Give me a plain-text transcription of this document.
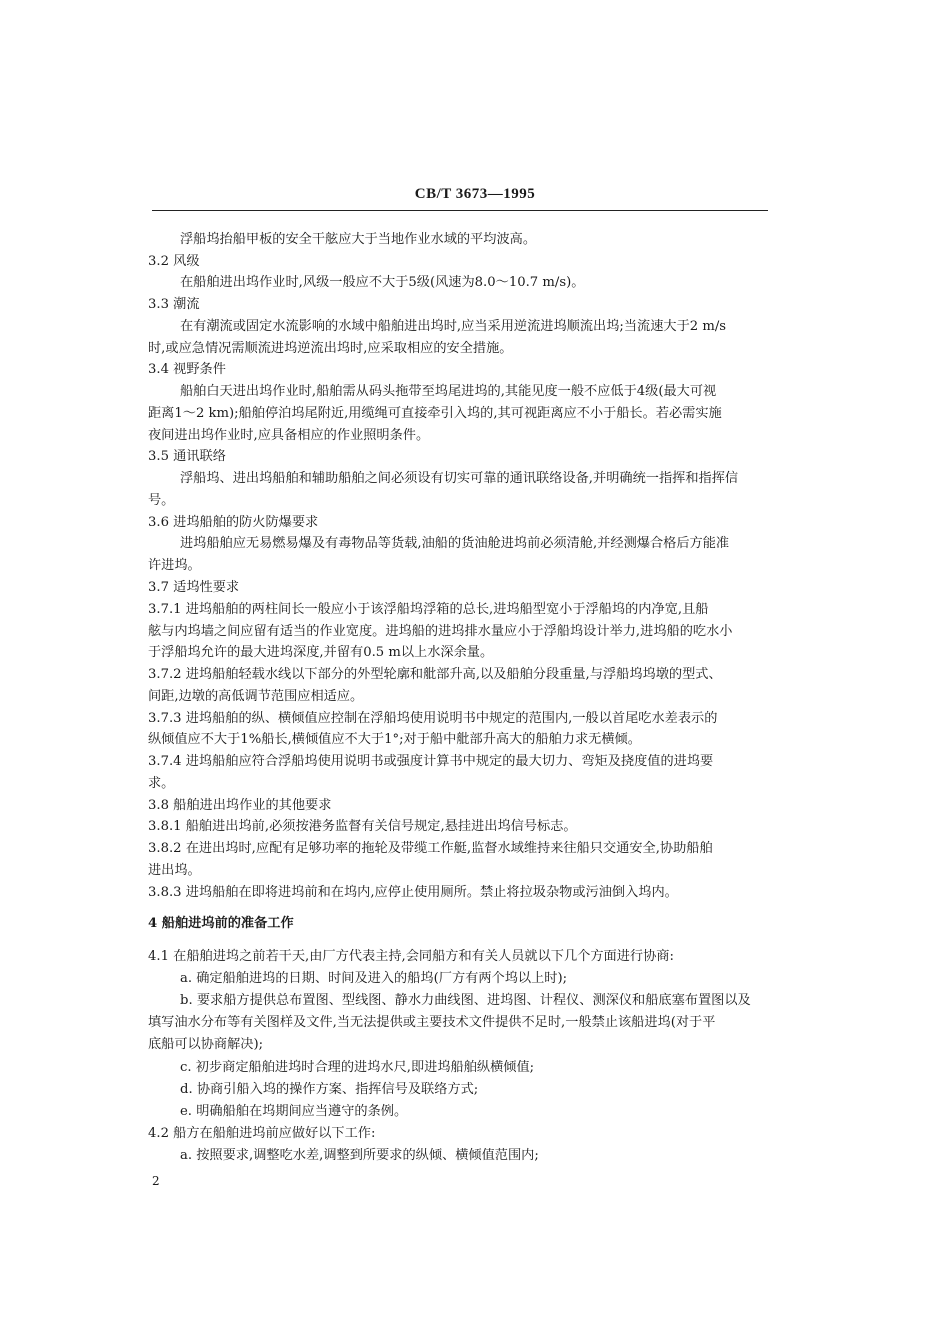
CB/T 3673—1995
浮船坞抬船甲板的安全干舷应大于当地作业水域的平均波高。
3.2 风级
在船舶进出坞作业时,风级一般应不大于5级(风速为8.0～10.7 m/s)。
3.3 潮流
在有潮流或固定水流影响的水域中船舶进出坞时,应当采用逆流进坞顺流出坞;当流速大于2 m/s
时,或应急情况需顺流进坞逆流出坞时,应采取相应的安全措施。
3.4 视野条件
船舶白天进出坞作业时,船舶需从码头拖带至坞尾进坞的,其能见度一般不应低于4级(最大可视
距离1～2 km);船舶停泊坞尾附近,用缆绳可直接牵引入坞的,其可视距离应不小于船长。若必需实施
夜间进出坞作业时,应具备相应的作业照明条件。
3.5 通讯联络
浮船坞、进出坞船舶和辅助船舶之间必须设有切实可靠的通讯联络设备,并明确统一指挥和指挥信
号。
3.6 进坞船舶的防火防爆要求
进坞船舶应无易燃易爆及有毒物品等货载,油船的货油舱进坞前必须清舱,并经测爆合格后方能准
许进坞。
3.7 适坞性要求
3.7.1 进坞船舶的两柱间长一般应小于该浮船坞浮箱的总长,进坞船型宽小于浮船坞的内净宽,且船
舷与内坞墙之间应留有适当的作业宽度。进坞船的进坞排水量应小于浮船坞设计举力,进坞船的吃水小
于浮船坞允许的最大进坞深度,并留有0.5 m以上水深余量。
3.7.2 进坞船舶轻载水线以下部分的外型轮廓和舭部升高,以及船舶分段重量,与浮船坞坞墩的型式、
间距,边墩的高低调节范围应相适应。
3.7.3 进坞船舶的纵、横倾值应控制在浮船坞使用说明书中规定的范围内,一般以首尾吃水差表示的
纵倾值应不大于1%船长,横倾值应不大于1°;对于船中舭部升高大的船舶力求无横倾。
3.7.4 进坞船舶应符合浮船坞使用说明书或强度计算书中规定的最大切力、弯矩及挠度值的进坞要
求。
3.8 船舶进出坞作业的其他要求
3.8.1 船舶进出坞前,必须按港务监督有关信号规定,悬挂进出坞信号标志。
3.8.2 在进出坞时,应配有足够功率的拖轮及带缆工作艇,监督水域维持来往船只交通安全,协助船舶
进出坞。
3.8.3 进坞船舶在即将进坞前和在坞内,应停止使用厕所。禁止将拉圾杂物或污油倒入坞内。
4 船舶进坞前的准备工作
4.1 在船舶进坞之前若干天,由厂方代表主持,会同船方和有关人员就以下几个方面进行协商:
a. 确定船舶进坞的日期、时间及进入的船坞(厂方有两个坞以上时);
b. 要求船方提供总布置图、型线图、静水力曲线图、进坞图、计程仪、测深仪和船底塞布置图以及
填写油水分布等有关图样及文件,当无法提供或主要技术文件提供不足时,一般禁止该船进坞(对于平
底船可以协商解决);
c. 初步商定船舶进坞时合理的进坞水尺,即进坞船舶纵横倾值;
d. 协商引船入坞的操作方案、指挥信号及联络方式;
e. 明确船舶在坞期间应当遵守的条例。
4.2 船方在船舶进坞前应做好以下工作:
a. 按照要求,调整吃水差,调整到所要求的纵倾、横倾值范围内;
2
